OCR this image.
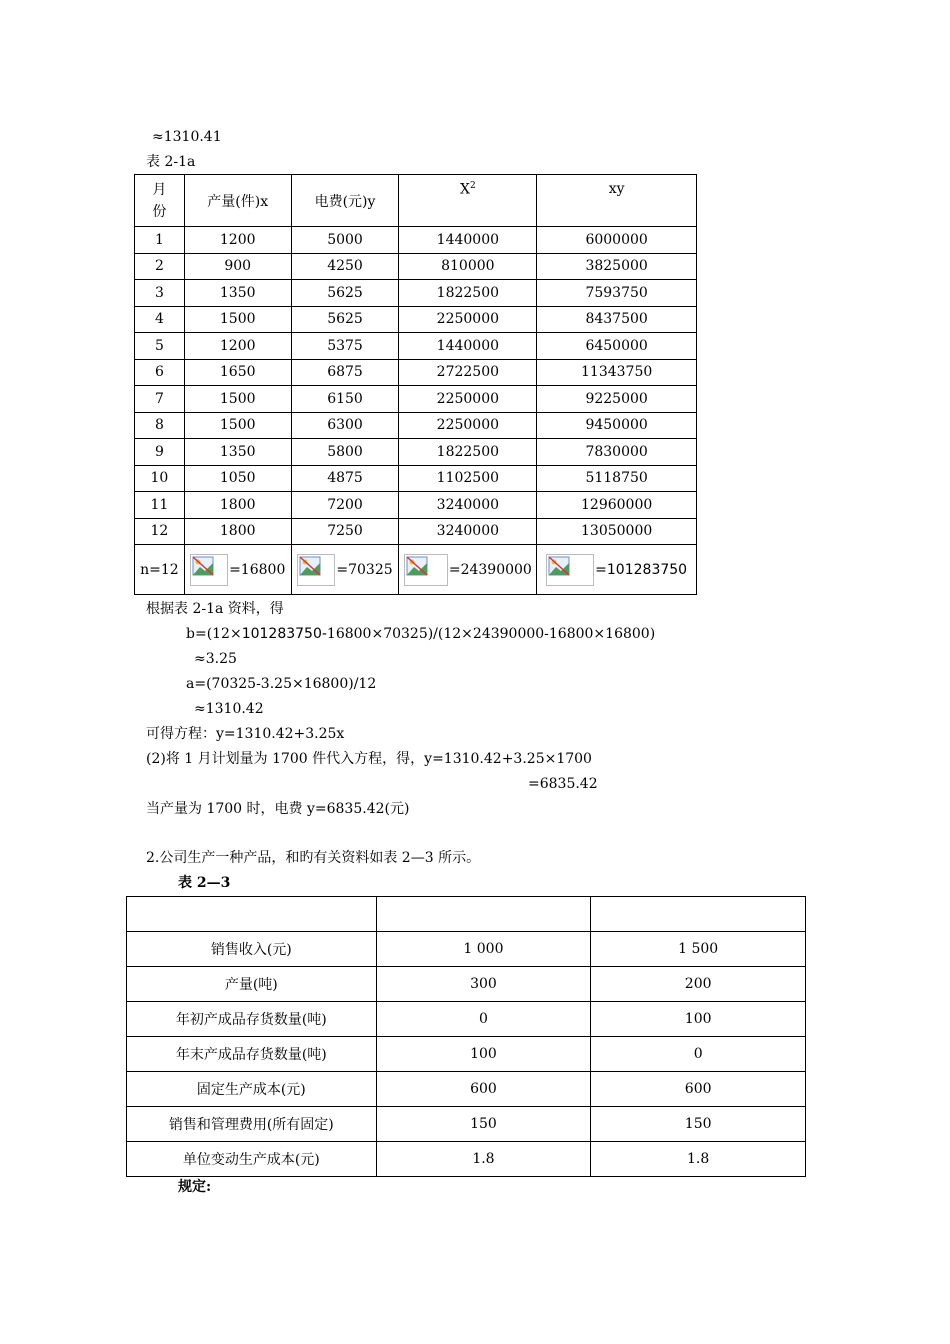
≈1310.41
表 2-1a
月
份	产量(件)x	电费(元)y	$X^2$	xy
1	1200	5000	1440000	6000000
2	900	4250	810000	3825000
3	1350	5625	1822500	7593750
4	1500	5625	2250000	8437500
5	1200	5375	1440000	6450000
6	1650	6875	2722500	11343750
7	1500	6150	2250000	9225000
8	1500	6300	2250000	9450000
9	1350	5800	1822500	7830000
10	1050	4875	1102500	5118750
11	1800	7200	3240000	12960000
12	1800	7250	3240000	13050000
n=12	=16800	=70325	=24390000	=101283750
根据表 2-1a 资料，得
b=(12×101283750-16800×70325)/(12×24390000-16800×16800)
≈3.25
a=(70325-3.25×16800)/12
≈1310.42
可得方程：y=1310.42+3.25x
(2)将 1 月计划量为 1700 件代入方程，得，y=1310.42+3.25×1700
=6835.42
当产量为 1700 时，电费 y=6835.42(元)
2.公司生产一种产品，和旳有关资料如表 2—3 所示。
表 2—3

销售收入(元)	1 000	1 500
产量(吨)	300	200
年初产成品存货数量(吨)	0	100
年末产成品存货数量(吨)	100	0
固定生产成本(元)	600	600
销售和管理费用(所有固定)	150	150
单位变动生产成本(元)	1.8	1.8
规定:
